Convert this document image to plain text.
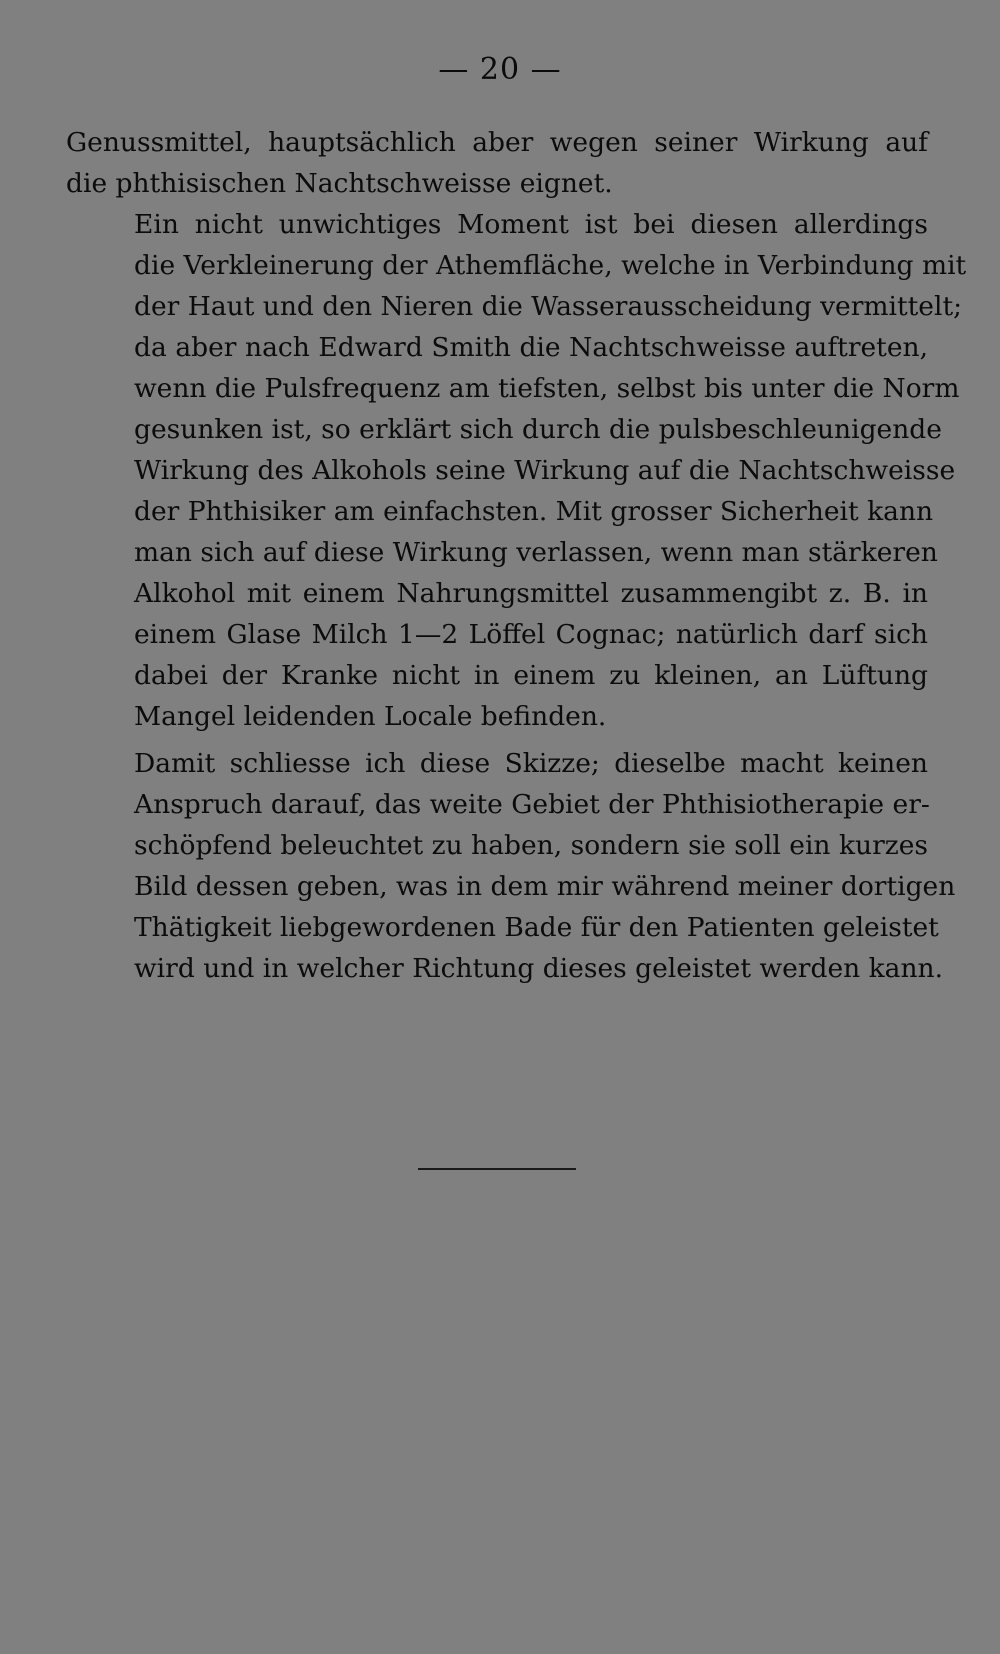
— 20 —

Genussmittel, hauptsächlich aber wegen seiner Wirkung auf
die phthisischen Nachtschweisse eignet.

Ein nicht unwichtiges Moment ist bei diesen allerdings
die Verkleinerung der Athemfläche, welche in Verbindung mit
der Haut und den Nieren die Wasserausscheidung vermittelt;
da aber nach Edward Smith die Nachtschweisse auftreten,
wenn die Pulsfrequenz am tiefsten, selbst bis unter die Norm
gesunken ist, so erklärt sich durch die pulsbeschleunigende
Wirkung des Alkohols seine Wirkung auf die Nachtschweisse
der Phthisiker am einfachsten. Mit grosser Sicherheit kann
man sich auf diese Wirkung verlassen, wenn man stärkeren
Alkohol mit einem Nahrungsmittel zusammengibt z. B. in
einem Glase Milch 1—2 Löffel Cognac; natürlich darf sich
dabei der Kranke nicht in einem zu kleinen, an Lüftung
Mangel leidenden Locale befinden.

Damit schliesse ich diese Skizze; dieselbe macht keinen
Anspruch darauf, das weite Gebiet der Phthisiotherapie er-
schöpfend beleuchtet zu haben, sondern sie soll ein kurzes
Bild dessen geben, was in dem mir während meiner dortigen
Thätigkeit liebgewordenen Bade für den Patienten geleistet
wird und in welcher Richtung dieses geleistet werden kann.
